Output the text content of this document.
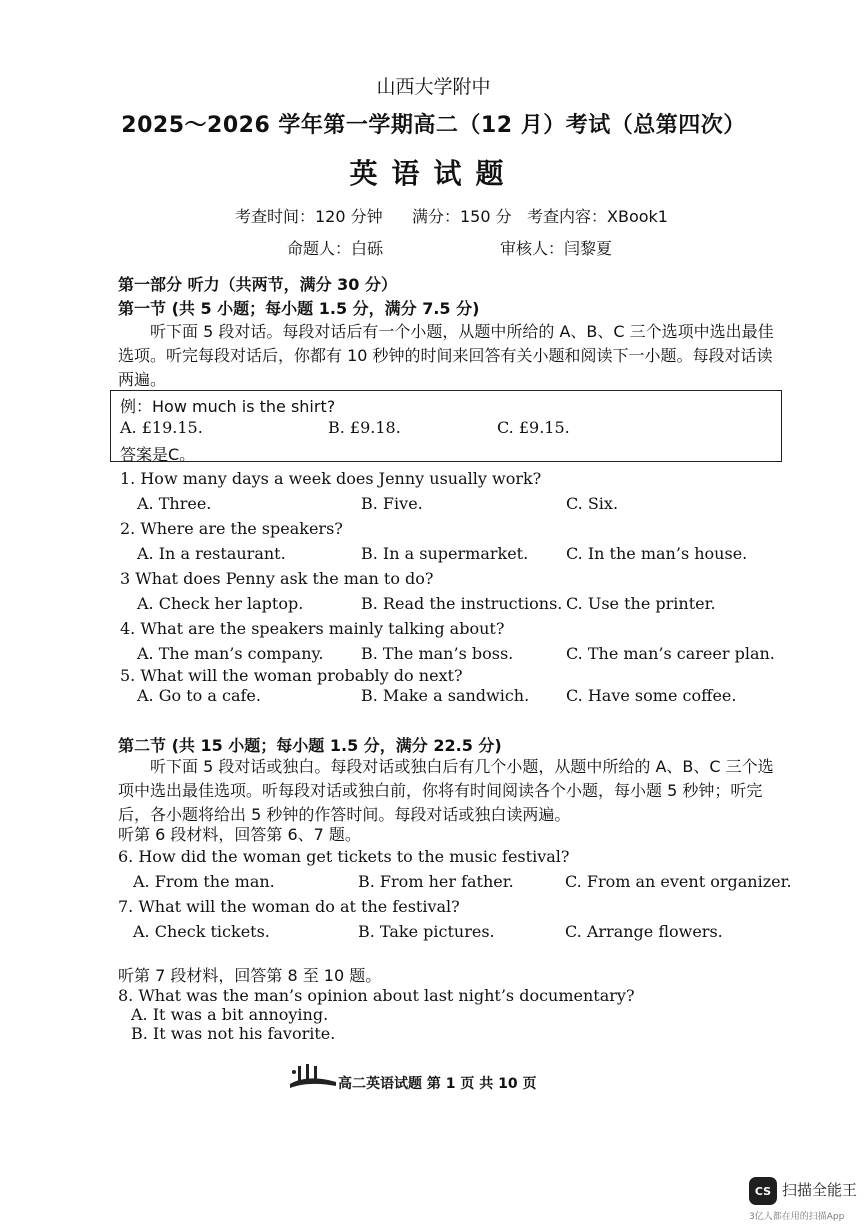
山西大学附中
2025～2026 学年第一学期高二（12 月）考试（总第四次）
英语试题
考查时间：120 分钟 满分：150 分 考查内容：XBook1
命题人：白砾	审核人：闫黎夏
第一部分 听力（共两节，满分 30 分）
第一节 (共 5 小题；每小题 1.5 分，满分 7.5 分)
听下面 5 段对话。每段对话后有一个小题，从题中所给的 A、B、C 三个选项中选出最佳选项。听完每段对话后，你都有 10 秒钟的时间来回答有关小题和阅读下一小题。每段对话读两遍。
例：How much is the shirt?
A. £19.15.	B. £9.18.	C. £9.15.
答案是C。
1. How many days a week does Jenny usually work?
A. Three.	B. Five.	C. Six.
2. Where are the speakers?
A. In a restaurant.	B. In a supermarket. C. In the man’s house.
3 What does Penny ask the man to do?
A. Check her laptop.	B. Read the instructions. C. Use the printer.
4. What are the speakers mainly talking about?
A. The man’s company. B. The man’s boss.	C. The man’s career plan.
5. What will the woman probably do next?
A. Go to a cafe.	B. Make a sandwich. C. Have some coffee.
第二节 (共 15 小题；每小题 1.5 分，满分 22.5 分)
听下面 5 段对话或独白。每段对话或独白后有几个小题，从题中所给的 A、B、C 三个选项中选出最佳选项。听每段对话或独白前，你将有时间阅读各个小题，每小题 5 秒钟；听完后，各小题将给出 5 秒钟的作答时间。每段对话或独白读两遍。
听第 6 段材料，回答第 6、7 题。
6. How did the woman get tickets to the music festival?
A. From the man.	B. From her father.	C. From an event organizer.
7. What will the woman do at the festival?
A. Check tickets.	B. Take pictures.	C. Arrange flowers.
听第 7 段材料，回答第 8 至 10 题。
8. What was the man’s opinion about last night’s documentary?
A. It was a bit annoying.
B. It was not his favorite.
高二英语试题 第 1 页 共 10 页
CS 扫描全能王
3亿人都在用的扫描App
